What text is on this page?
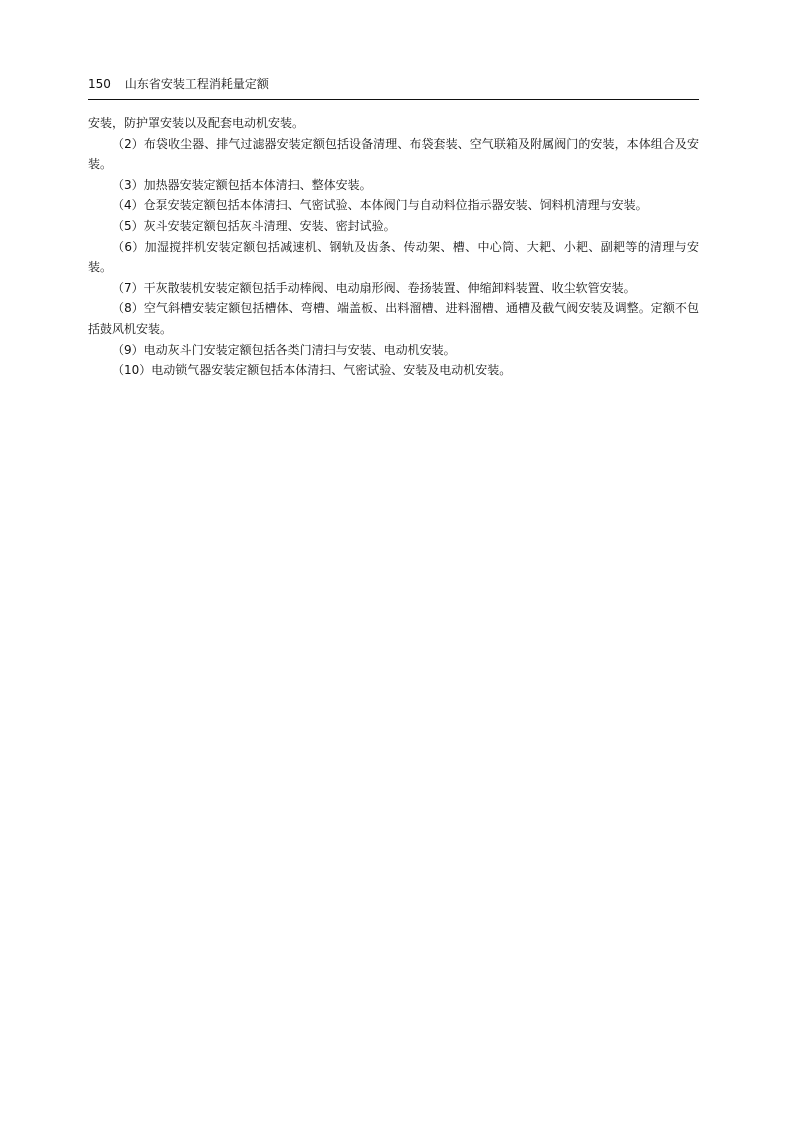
150 山东省安装工程消耗量定额

安装，防护罩安装以及配套电动机安装。

（2）布袋收尘器、排气过滤器安装定额包括设备清理、布袋套装、空气联箱及附属阀门的安装，本体组合及安装。

（3）加热器安装定额包括本体清扫、整体安装。

（4）仓泵安装定额包括本体清扫、气密试验、本体阀门与自动料位指示器安装、饲料机清理与安装。

（5）灰斗安装定额包括灰斗清理、安装、密封试验。

（6）加湿搅拌机安装定额包括减速机、钢轨及齿条、传动架、槽、中心筒、大耙、小耙、副耙等的清理与安装。

（7）干灰散装机安装定额包括手动棒阀、电动扇形阀、卷扬装置、伸缩卸料装置、收尘软管安装。

（8）空气斜槽安装定额包括槽体、弯槽、端盖板、出料溜槽、进料溜槽、通槽及截气阀安装及调整。定额不包括鼓风机安装。

（9）电动灰斗门安装定额包括各类门清扫与安装、电动机安装。

（10）电动锁气器安装定额包括本体清扫、气密试验、安装及电动机安装。
